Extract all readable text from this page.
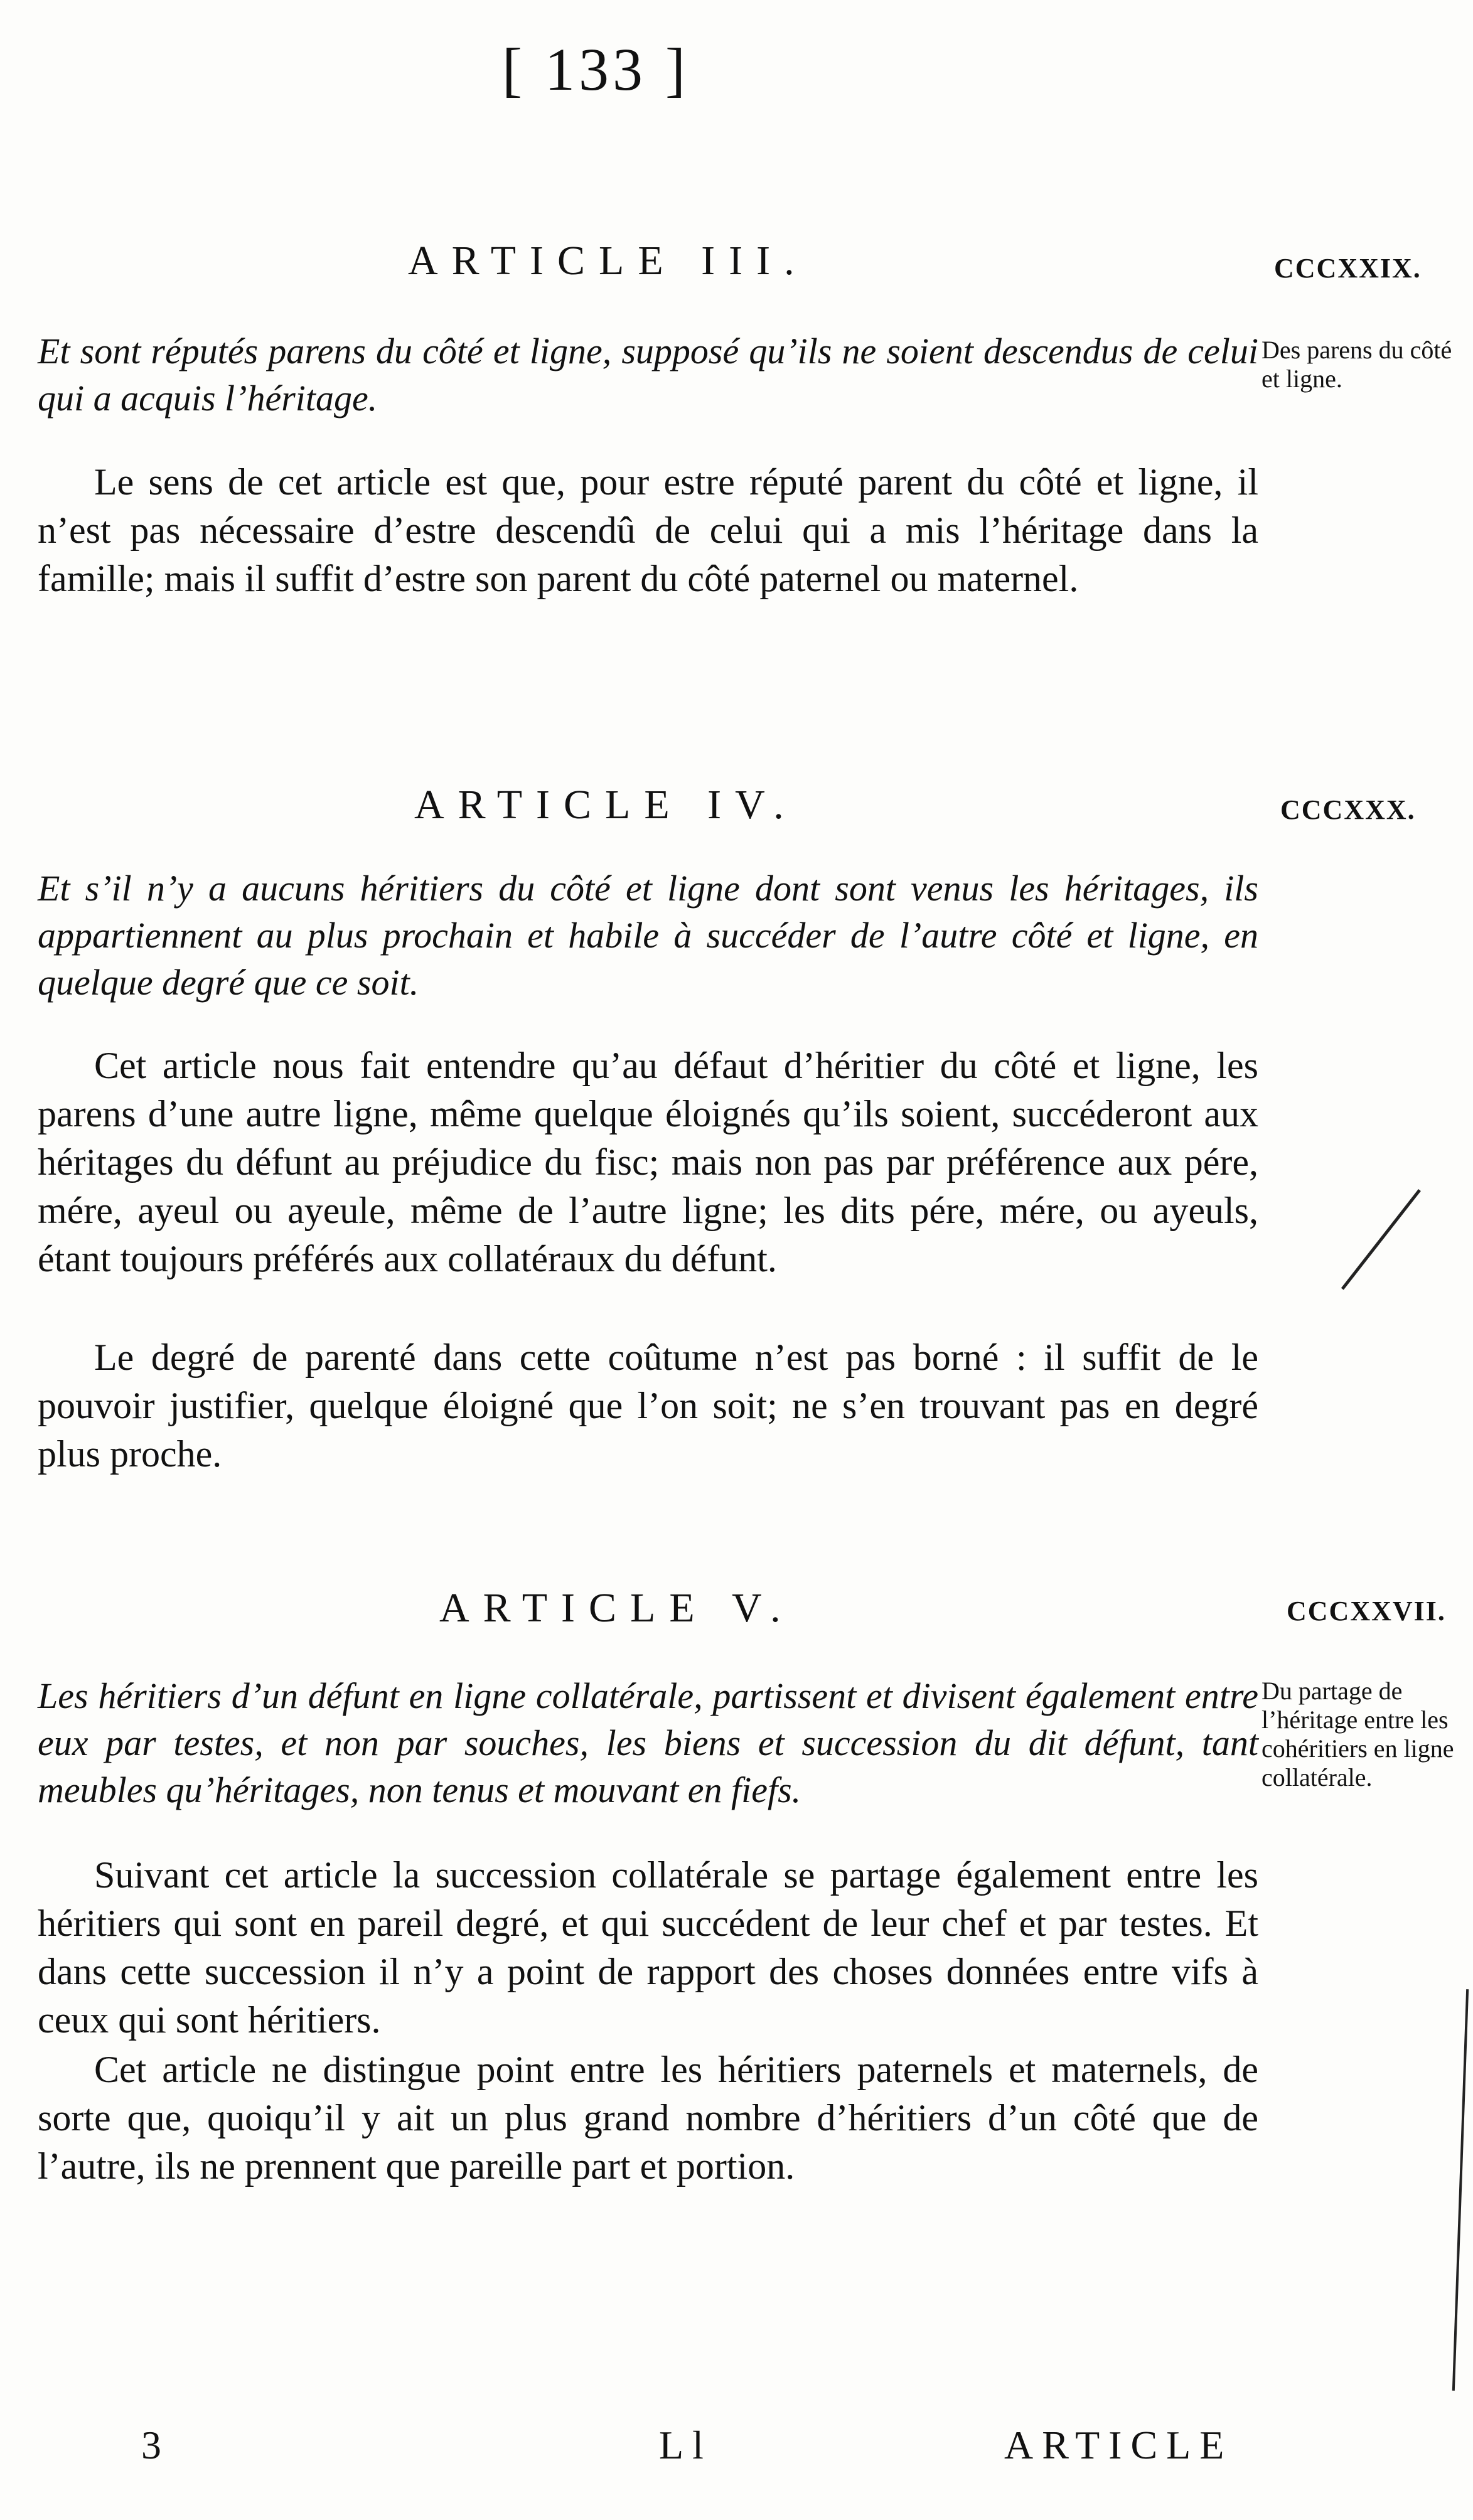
[ 133 ]
ARTICLE III.	CCCXXIX.
Et sont réputés parens du côté et ligne, supposé qu’ils ne soient descendus de celui qui a acquis l’héritage.
Des parens du côté et ligne.
Le sens de cet article est que, pour estre réputé parent du côté et ligne, il n’est pas nécessaire d’estre descendû de celui qui a mis l’héritage dans la famille; mais il suffit d’estre son parent du côté paternel ou maternel.
ARTICLE IV.	CCCXXX.
Et s’il n’y a aucuns héritiers du côté et ligne dont sont venus les héritages, ils appartiennent au plus prochain et habile à succéder de l’autre côté et ligne, en quelque degré que ce soit.
Cet article nous fait entendre qu’au défaut d’héritier du côté et ligne, les parens d’une autre ligne, même quelque éloignés qu’ils soient, succéderont aux héritages du défunt au préjudice du fisc; mais non pas par préférence aux pére, mére, ayeul ou ayeule, même de l’autre ligne; les dits pére, mére, ou ayeuls, étant toujours préférés aux collatéraux du défunt.
Le degré de parenté dans cette coûtume n’est pas borné : il suffit de le pouvoir justifier, quelque éloigné que l’on soit; ne s’en trouvant pas en degré plus proche.
ARTICLE V.	CCCXXVII.
Les héritiers d’un défunt en ligne collatérale, partissent et divisent également entre eux par testes, et non par souches, les biens et succession du dit défunt, tant meubles qu’héritages, non tenus et mouvant en fiefs.
Du partage de l’héritage entre les cohéritiers en ligne collatérale.
Suivant cet article la succession collatérale se partage également entre les héritiers qui sont en pareil degré, et qui succédent de leur chef et par testes. Et dans cette succession il n’y a point de rapport des choses données entre vifs à ceux qui sont héritiers.
Cet article ne distingue point entre les héritiers paternels et maternels, de sorte que, quoiqu’il y ait un plus grand nombre d’héritiers d’un côté que de l’autre, ils ne prennent que pareille part et portion.
3	Ll	ARTICLE
